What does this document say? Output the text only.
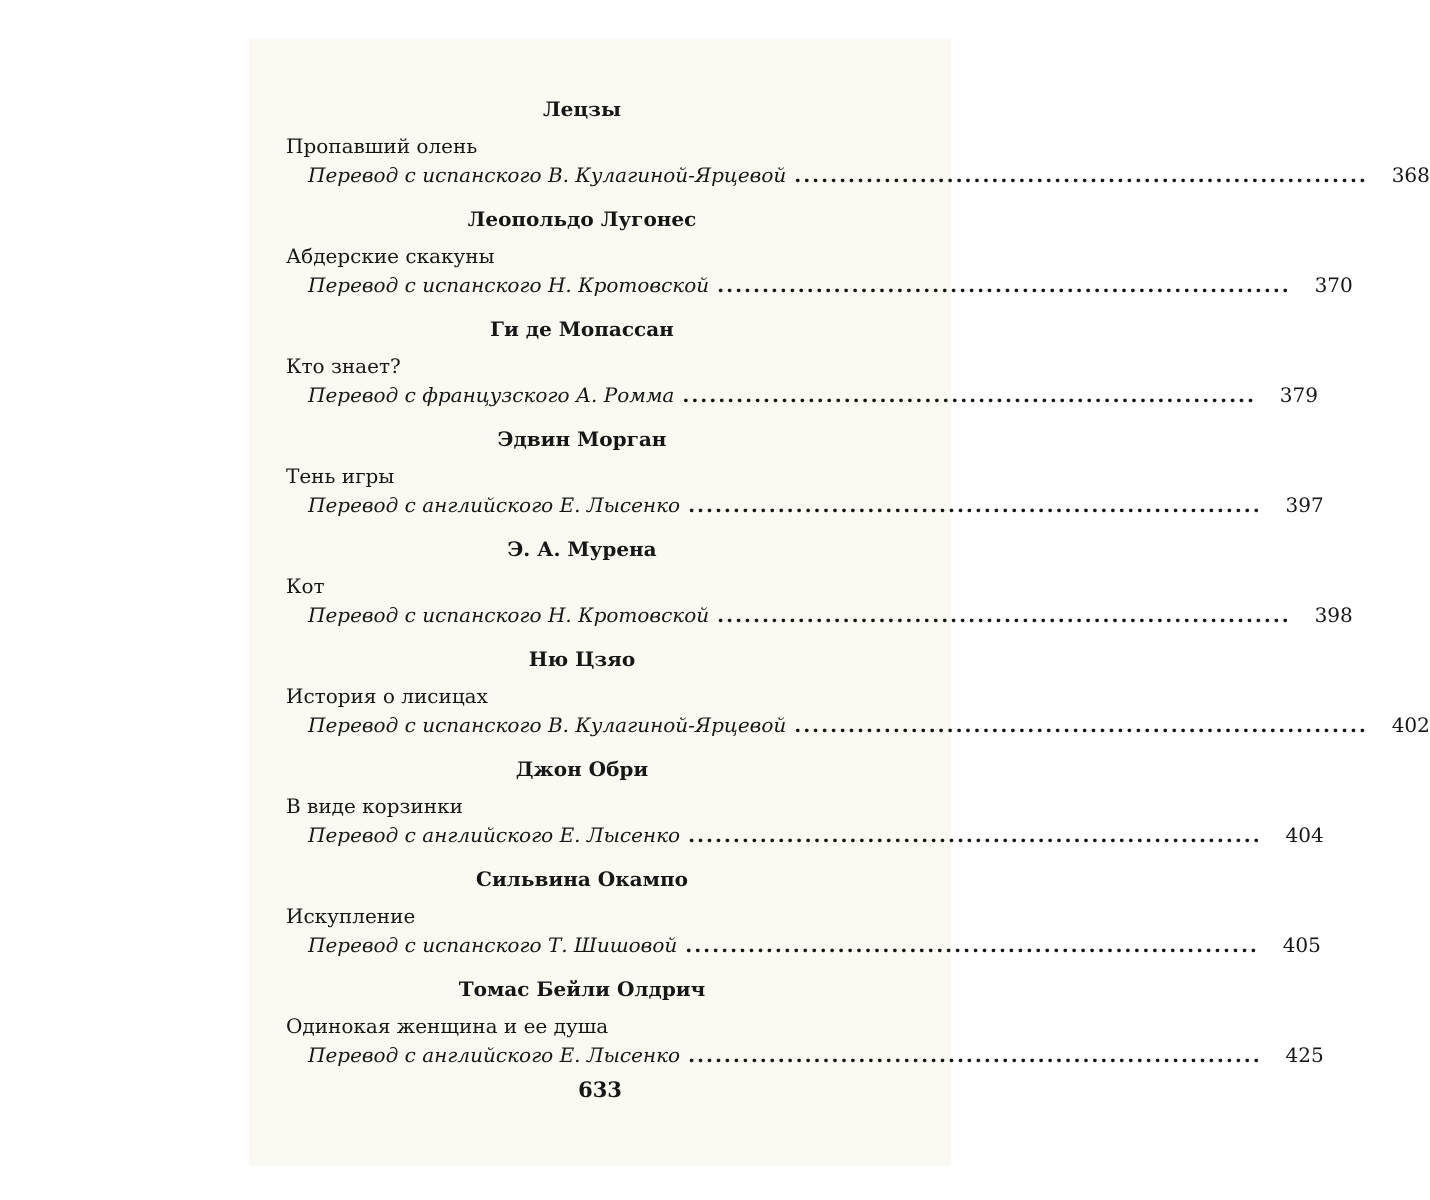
Лецзы
Пропавший олень
Перевод с испанского В. Кулагиной-Ярцевой ................................................................	368
Леопольдо Лугонес
Абдерские скакуны
Перевод с испанского Н. Кротовской ................................................................	370
Ги де Мопассан
Кто знает?
Перевод с французского А. Ромма ................................................................	379
Эдвин Морган
Тень игры
Перевод с английского Е. Лысенко ................................................................	397
Э. А. Мурена
Кот
Перевод с испанского Н. Кротовской ................................................................	398
Ню Цзяо
История о лисицах
Перевод с испанского В. Кулагиной-Ярцевой ................................................................	402
Джон Обри
В виде корзинки
Перевод с английского Е. Лысенко ................................................................	404
Сильвина Окампо
Искупление
Перевод с испанского Т. Шишовой ................................................................	405
Томас Бейли Олдрич
Одинокая женщина и ее душа
Перевод с английского Е. Лысенко ................................................................	425
633
